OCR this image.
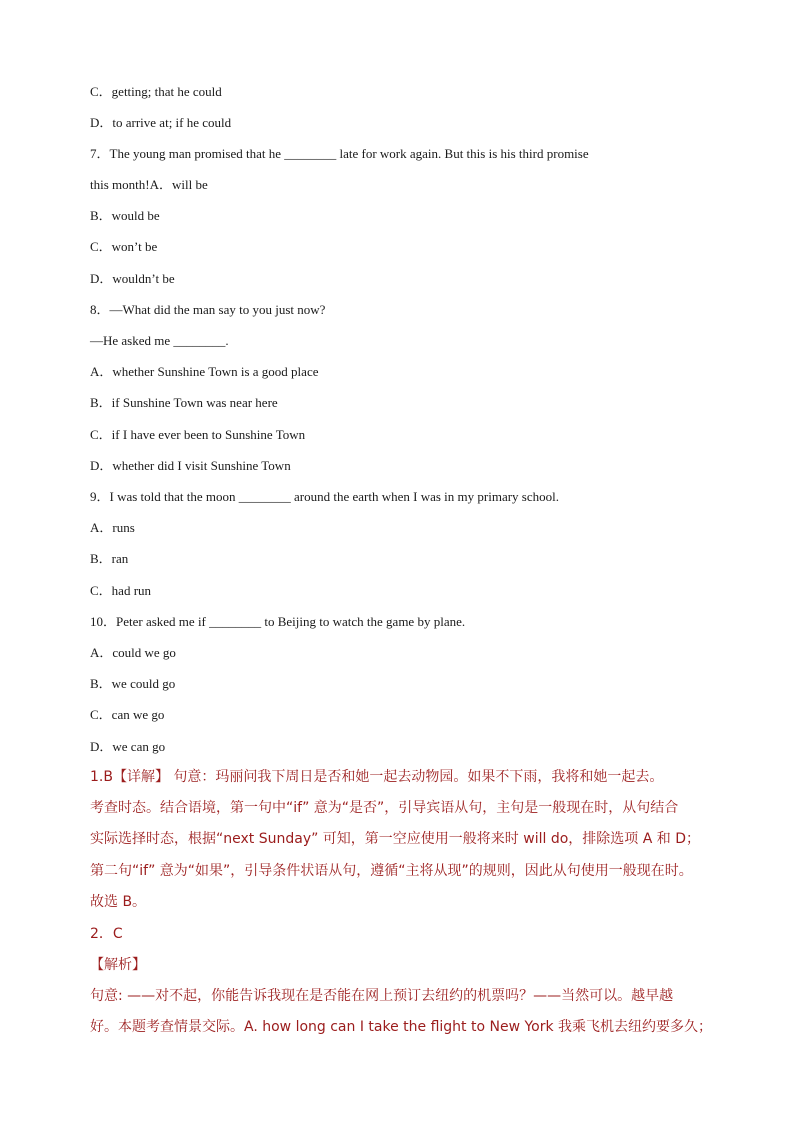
C．getting; that he could
D．to arrive at; if he could
7．The young man promised that he ________ late for work again. But this is his third promise
this month!A．will be
B．would be
C．won’t be
D．wouldn’t be
8．—What did the man say to you just now?
—He asked me ________.
A．whether Sunshine Town is a good place
B．if Sunshine Town was near here
C．if I have ever been to Sunshine Town
D．whether did I visit Sunshine Town
9．I was told that the moon ________ around the earth when I was in my primary school.
A．runs
B．ran
C．had run
10．Peter asked me if ________ to Beijing to watch the game by plane.
A．could we go
B．we could go
C．can we go
D．we can go
1.B【详解】 句意：玛丽问我下周日是否和她一起去动物园。如果不下雨，我将和她一起去。
考查时态。结合语境，第一句中“if” 意为“是否”，引导宾语从句，主句是一般现在时，从句结合
实际选择时态，根据“next Sunday” 可知，第一空应使用一般将来时 will do，排除选项 A 和 D；
第二句“if” 意为“如果”，引导条件状语从句，遵循“主将从现”的规则，因此从句使用一般现在时。
故选 B。
2．C
【解析】
句意: ——对不起，你能告诉我现在是否能在网上预订去纽约的机票吗？——当然可以。越早越
好。本题考查情景交际。A. how long can I take the flight to New York 我乘飞机去纽约要多久；
